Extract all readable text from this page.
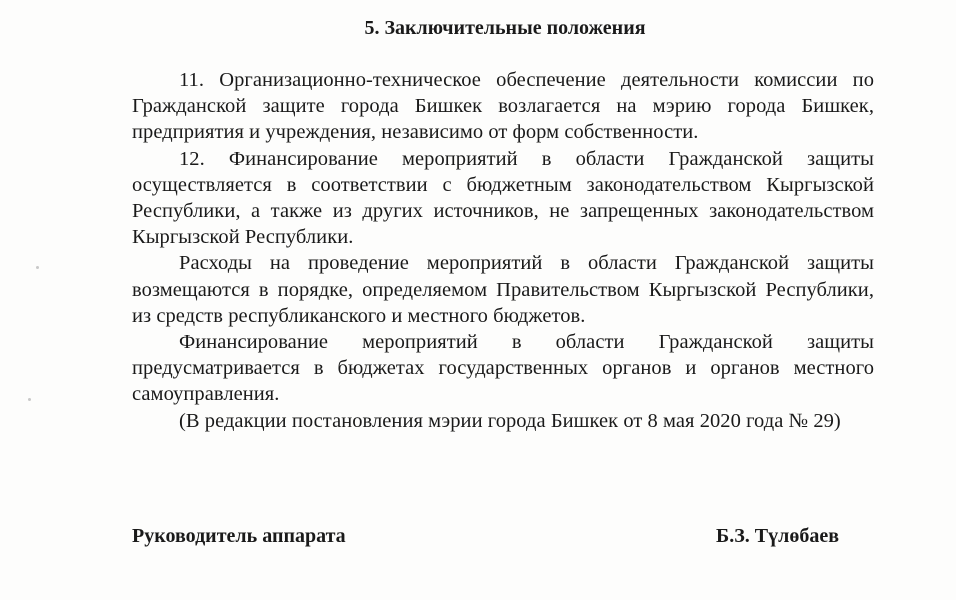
5. Заключительные положения

11. Организационно-техническое обеспечение деятельности комиссии по Гражданской защите города Бишкек возлагается на мэрию города Бишкек, предприятия и учреждения, независимо от форм собственности.

12. Финансирование мероприятий в области Гражданской защиты осуществляется в соответствии с бюджетным законодательством Кыргызской Республики, а также из других источников, не запрещенных законодательством Кыргызской Республики.

Расходы на проведение мероприятий в области Гражданской защиты возмещаются в порядке, определяемом Правительством Кыргызской Республики, из средств республиканского и местного бюджетов.

Финансирование мероприятий в области Гражданской защиты предусматривается в бюджетах государственных органов и органов местного самоуправления.

(В редакции постановления мэрии города Бишкек от 8 мая 2020 года № 29)

Руководитель аппарата	Б.З. Түлөбаев
